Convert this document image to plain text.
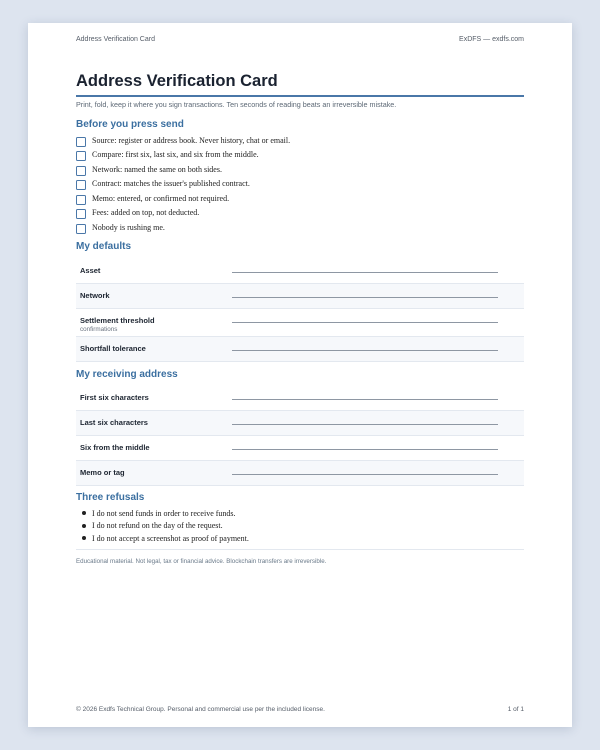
Address Verification Card	ExDFS — exdfs.com
Address Verification Card
Print, fold, keep it where you sign transactions. Ten seconds of reading beats an irreversible mistake.
Before you press send
Source: register or address book. Never history, chat or email.
Compare: first six, last six, and six from the middle.
Network: named the same on both sides.
Contract: matches the issuer's published contract.
Memo: entered, or confirmed not required.
Fees: added on top, not deducted.
Nobody is rushing me.
My defaults
Asset
Network
Settlement threshold
confirmations
Shortfall tolerance
My receiving address
First six characters
Last six characters
Six from the middle
Memo or tag
Three refusals
I do not send funds in order to receive funds.
I do not refund on the day of the request.
I do not accept a screenshot as proof of payment.
Educational material. Not legal, tax or financial advice. Blockchain transfers are irreversible.
© 2026 Exdfs Technical Group. Personal and commercial use per the included license.	1 of 1
